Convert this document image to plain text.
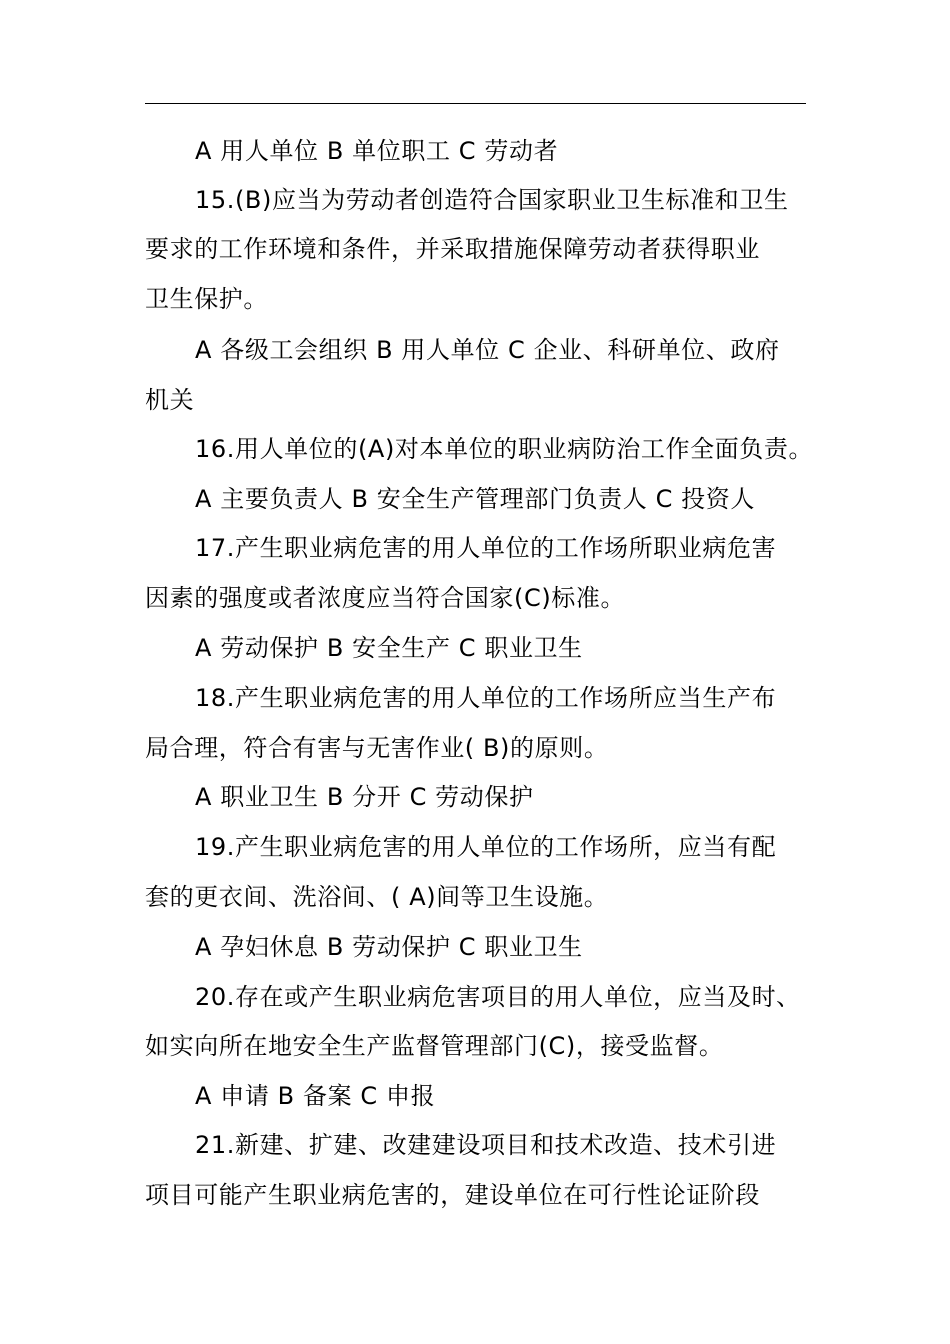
A 用人单位 B 单位职工 C 劳动者
15.(B)应当为劳动者创造符合国家职业卫生标准和卫生
要求的工作环境和条件，并采取措施保障劳动者获得职业
卫生保护。
A 各级工会组织 B 用人单位 C 企业、科研单位、政府
机关
16.用人单位的(A)对本单位的职业病防治工作全面负责。
A 主要负责人 B 安全生产管理部门负责人 C 投资人
17.产生职业病危害的用人单位的工作场所职业病危害
因素的强度或者浓度应当符合国家(C)标准。
A 劳动保护 B 安全生产 C 职业卫生
18.产生职业病危害的用人单位的工作场所应当生产布
局合理，符合有害与无害作业( B)的原则。
A 职业卫生 B 分开 C 劳动保护
19.产生职业病危害的用人单位的工作场所，应当有配
套的更衣间、洗浴间、( A)间等卫生设施。
A 孕妇休息 B 劳动保护 C 职业卫生
20.存在或产生职业病危害项目的用人单位，应当及时、
如实向所在地安全生产监督管理部门(C)，接受监督。
A 申请 B 备案 C 申报
21.新建、扩建、改建建设项目和技术改造、技术引进
项目可能产生职业病危害的，建设单位在可行性论证阶段
